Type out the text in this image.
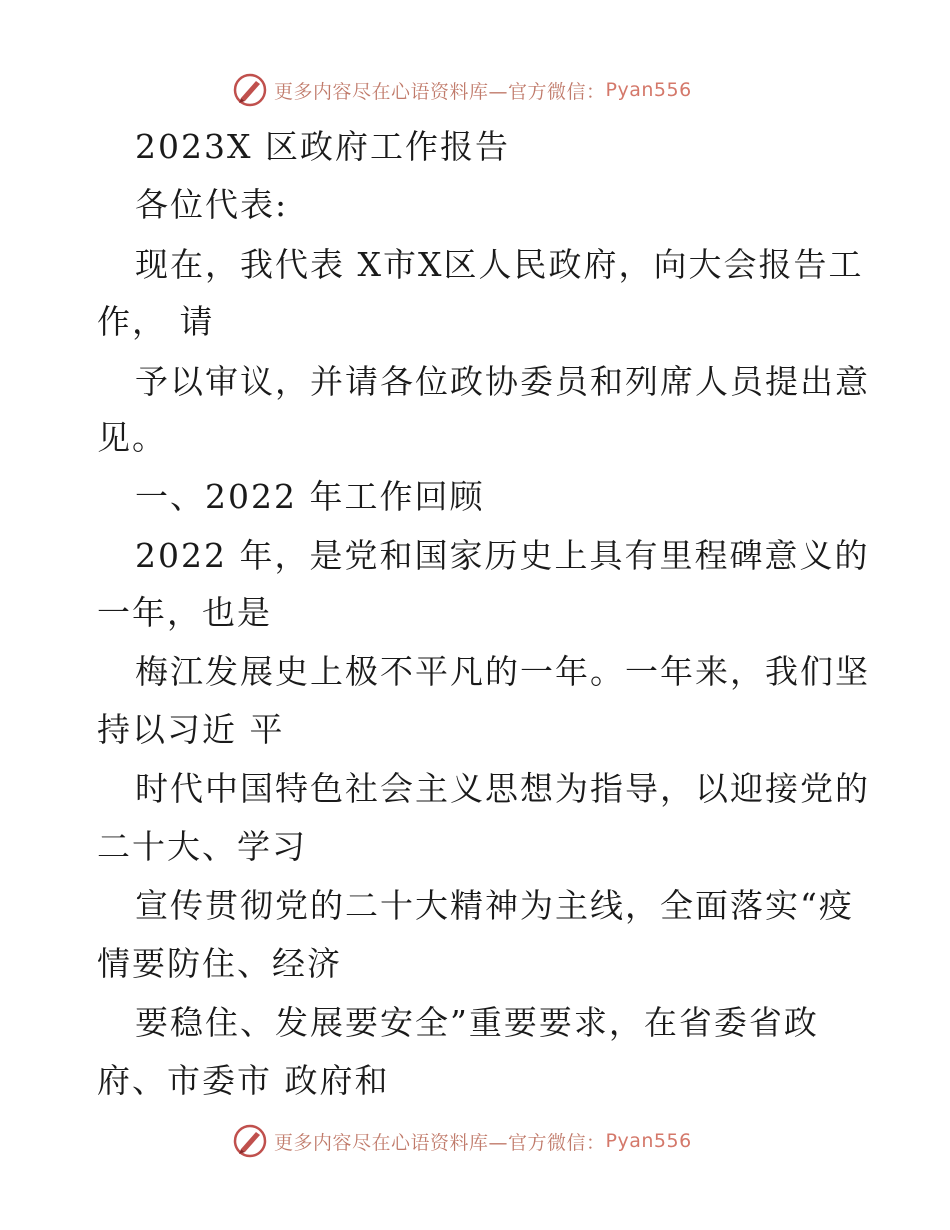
更多内容尽在心语资料库—官方微信： Pyan556
2023X 区政府工作报告
各位代表:
现在，我代表 X市X区人民政府，向大会报告工
作， 请
予以审议，并请各位政协委员和列席人员提出意
见。
一、2022 年工作回顾
2022 年，是党和国家历史上具有里程碑意义的
一年，也是
梅江发展史上极不平凡的一年。一年来，我们坚
持以习近 平
时代中国特色社会主义思想为指导，以迎接党的
二十大、学习
宣传贯彻党的二十大精神为主线，全面落实“疫
情要防住、经济
要稳住、发展要安全”重要要求，在省委省政
府、市委市 政府和
更多内容尽在心语资料库—官方微信： Pyan556
